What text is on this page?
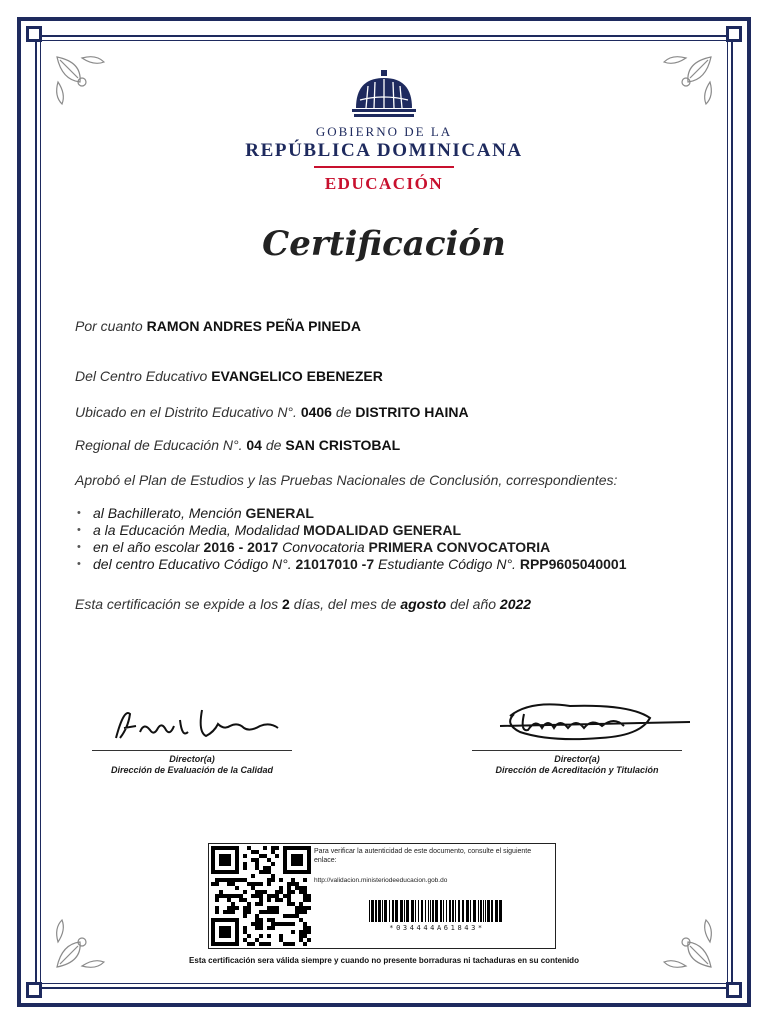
GOBIERNO DE LA
REPÚBLICA DOMINICANA
EDUCACIÓN
Certificación
Por cuanto RAMON ANDRES PEÑA PINEDA
Del Centro Educativo EVANGELICO EBENEZER
Ubicado en el Distrito Educativo N°. 0406 de DISTRITO HAINA
Regional de Educación N°. 04 de SAN CRISTOBAL
Aprobó el Plan de Estudios y las Pruebas Nacionales de Conclusión, correspondientes:
• al Bachillerato, Mención GENERAL
• a la Educación Media, Modalidad MODALIDAD GENERAL
• en el año escolar 2016 - 2017 Convocatoria PRIMERA CONVOCATORIA
• del centro Educativo Código N°. 21017010 -7 Estudiante Código N°. RPP9605040001
Esta certificación se expide a los 2 días, del mes de agosto del año 2022
Director(a)
Dirección de Evaluación de la Calidad
Director(a)
Dirección de Acreditación y Titulación
Para verificar la autenticidad de este documento, consulte el siguiente enlace:
http://validacion.ministeriodeeducacion.gob.do
*034444A61843*
Esta certificación sera válida siempre y cuando no presente borraduras ni tachaduras en su contenido
